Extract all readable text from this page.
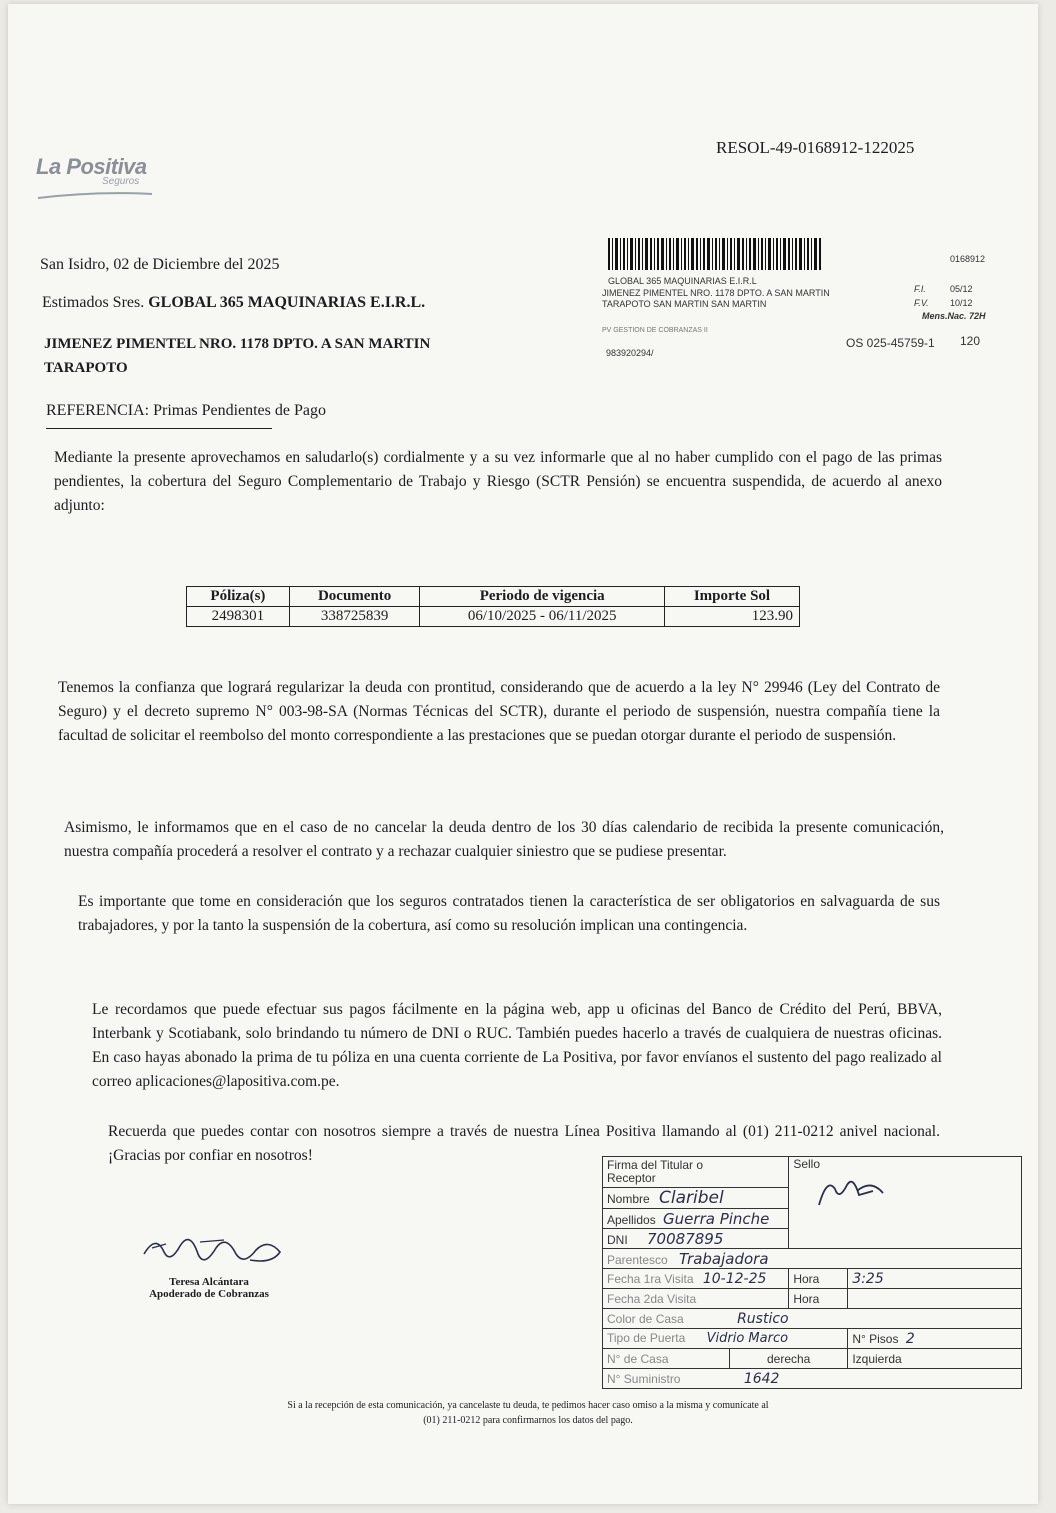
La Positiva
Seguros
RESOL-49-0168912-122025
San Isidro, 02 de Diciembre del 2025
Estimados Sres. GLOBAL 365 MAQUINARIAS E.I.R.L.
JIMENEZ PIMENTEL NRO. 1178 DPTO. A SAN MARTIN
TARAPOTO
REFERENCIA: Primas Pendientes de Pago
0168912
GLOBAL 365 MAQUINARIAS E.I.R.L
JIMENEZ PIMENTEL NRO. 1178 DPTO. A SAN MARTIN
TARAPOTO SAN MARTIN SAN MARTIN
F.I.	05/12
F.V. 10/12
Mens.Nac. 72H
PV GESTION DE COBRANZAS II
983920294/
OS 025-45759-1 120
Mediante la presente aprovechamos en saludarlo(s) cordialmente y a su vez informarle que al no haber cumplido con el pago de las primas pendientes, la cobertura del Seguro Complementario de Trabajo y Riesgo (SCTR Pensión) se encuentra suspendida, de acuerdo al anexo adjunto:
Póliza(s)	Documento	Periodo de vigencia	Importe Sol
2498301	338725839	06/10/2025 - 06/11/2025	123.90
Tenemos la confianza que logrará regularizar la deuda con prontitud, considerando que de acuerdo a la ley N° 29946 (Ley del Contrato de Seguro) y el decreto supremo N° 003-98-SA (Normas Técnicas del SCTR), durante el periodo de suspensión, nuestra compañía tiene la facultad de solicitar el reembolso del monto correspondiente a las prestaciones que se puedan otorgar durante el periodo de suspensión.
Asimismo, le informamos que en el caso de no cancelar la deuda dentro de los 30 días calendario de recibida la presente comunicación, nuestra compañía procederá a resolver el contrato y a rechazar cualquier siniestro que se pudiese presentar.
Es importante que tome en consideración que los seguros contratados tienen la característica de ser obligatorios en salvaguarda de sus trabajadores, y por la tanto la suspensión de la cobertura, así como su resolución implican una contingencia.
Le recordamos que puede efectuar sus pagos fácilmente en la página web, app u oficinas del Banco de Crédito del Perú, BBVA, Interbank y Scotiabank, solo brindando tu número de DNI o RUC. También puedes hacerlo a través de cualquiera de nuestras oficinas. En caso hayas abonado la prima de tu póliza en una cuenta corriente de La Positiva, por favor envíanos el sustento del pago realizado al correo aplicaciones@lapositiva.com.pe.
Recuerda que puedes contar con nosotros siempre a través de nuestra Línea Positiva llamando al (01) 211-0212 anivel nacional. ¡Gracias por confiar en nosotros!
Teresa Alcántara
Apoderado de Cobranzas
Firma del Titular o Receptor		Sello	

Nombre Claribel			
Apellidos Guerra Pinche			
DNI 70087895			
Parentesco Trabajadora			
Fecha 1ra Visita 10-12-25		Hora	3:25
Fecha 2da Visita		Hora	
Color de Casa Rustico			
Tipo de Puerta Vidrio Marco			N° Pisos 2
N° de Casa	derecha		Izquierda
N° Suministro 1642			
Si a la recepción de esta comunicación, ya cancelaste tu deuda, te pedimos hacer caso omiso a la misma y comunícate al
(01) 211-0212 para confirmarnos los datos del pago.
